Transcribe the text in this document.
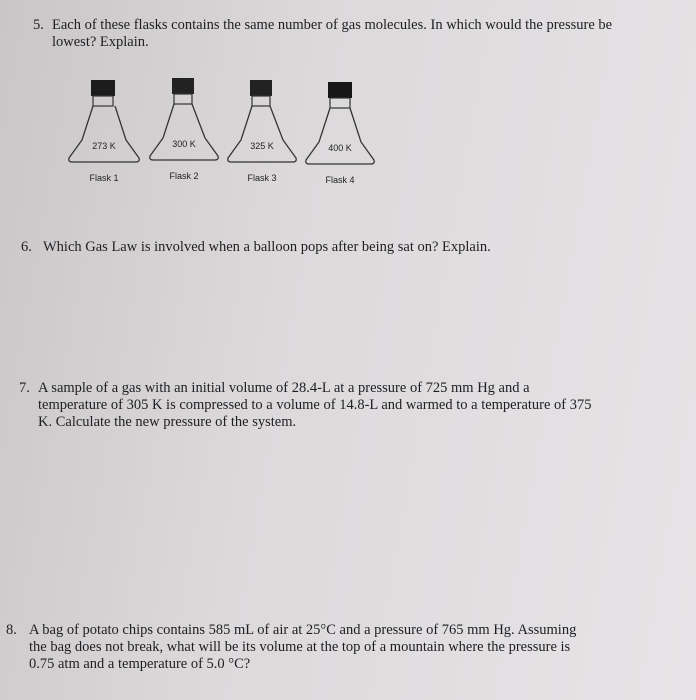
5. Each of these flasks contains the same number of gas molecules. In which would the pressure be
lowest? Explain.
273 K
Flask 1
300 K
Flask 2
325 K
Flask 3
400 K
Flask 4
6. Which Gas Law is involved when a balloon pops after being sat on? Explain.
7. A sample of a gas with an initial volume of 28.4-L at a pressure of 725 mm Hg and a
temperature of 305 K is compressed to a volume of 14.8-L and warmed to a temperature of 375
K. Calculate the new pressure of the system.
8. A bag of potato chips contains 585 mL of air at 25°C and a pressure of 765 mm Hg. Assuming
the bag does not break, what will be its volume at the top of a mountain where the pressure is
0.75 atm and a temperature of 5.0 °C?
